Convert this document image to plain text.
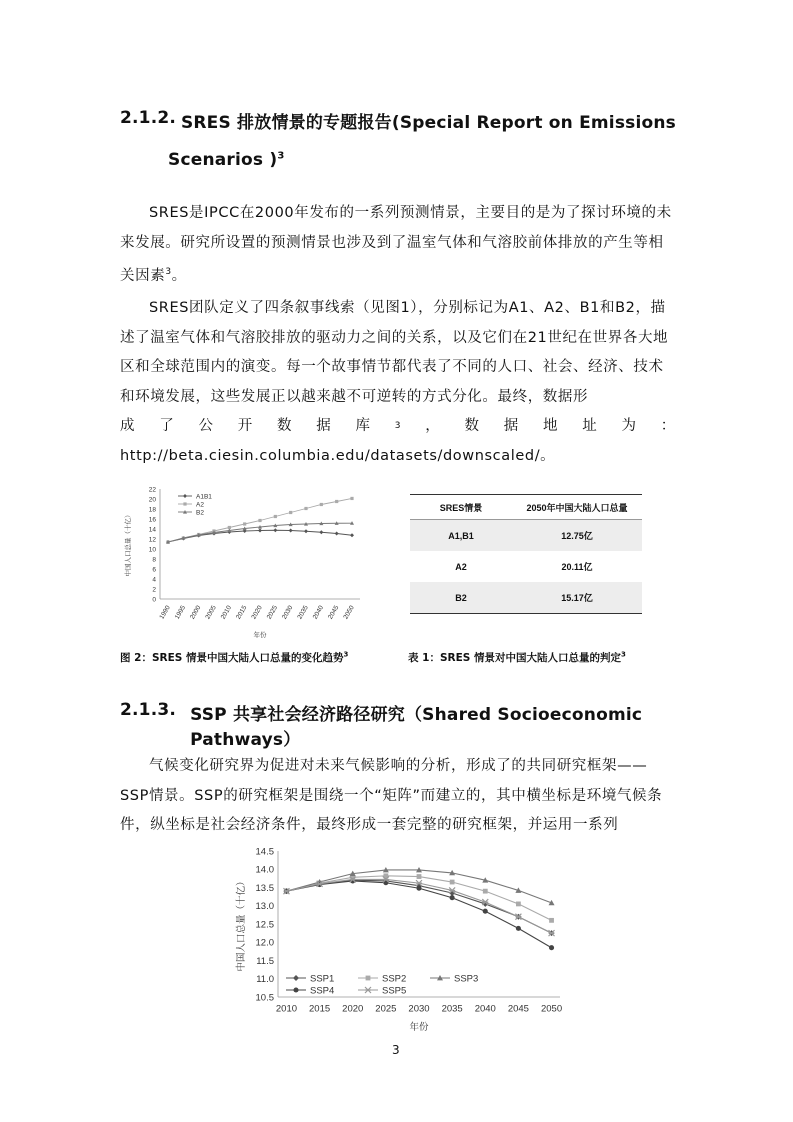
2.1.2. SRES 排放情景的专题报告(Special Report on Emissions
Scenarios )$^3$

SRES是IPCC在2000年发布的一系列预测情景，主要目的是为了探讨环境的未来发展。研究所设置的预测情景也涉及到了温室气体和气溶胶前体排放的产生等相关因素$^3$。

SRES团队定义了四条叙事线索（见图1），分别标记为A1、A2、B1和B2，描述了温室气体和气溶胶排放的驱动力之间的关系，以及它们在21世纪在世界各大地区和全球范围内的演变。每一个故事情节都代表了不同的人口、社会、经济、技术和环境发展，这些发展正以越来越不可逆转的方式分化。最终，数据形

成 了 公 开 数 据 库	3 ， 数 据 地 址 为 ：

http://beta.ciesin.columbia.edu/datasets/downscaled/。

0
2
4
6
8
10
12
14
16
18
20
22
1990 1995 2000 2005 2010 2015 2020 2025 2030 2035 2040 2045 2050
年份
中国人口总量（十亿）
A1B1
A2
B2
SRES情景	2050年中国大陆人口总量
A1,B1	12.75亿
A2	20.11亿
B2	15.17亿
图 2：SRES 情景中国大陆人口总量的变化趋势$^3$	表 1：SRES 情景对中国大陆人口总量的判定$^3$
2.1.3. SSP 共享社会经济路径研究（Shared Socioeconomic Pathways）

气候变化研究界为促进对未来气候影响的分析，形成了的共同研究框架——SSP情景。SSP的研究框架是围绕一个“矩阵”而建立的，其中横坐标是环境气候条件，纵坐标是社会经济条件，最终形成一套完整的研究框架，并运用一系列

10.5
11.0
11.5
12.0
12.5
13.0
13.5
14.0
14.5
2010 2015 2020 2025 2030 2035 2040 2045 2050
年份
中国人口总量（十亿）
SSP1	SSP2	SSP3
SSP4	SSP5
3
